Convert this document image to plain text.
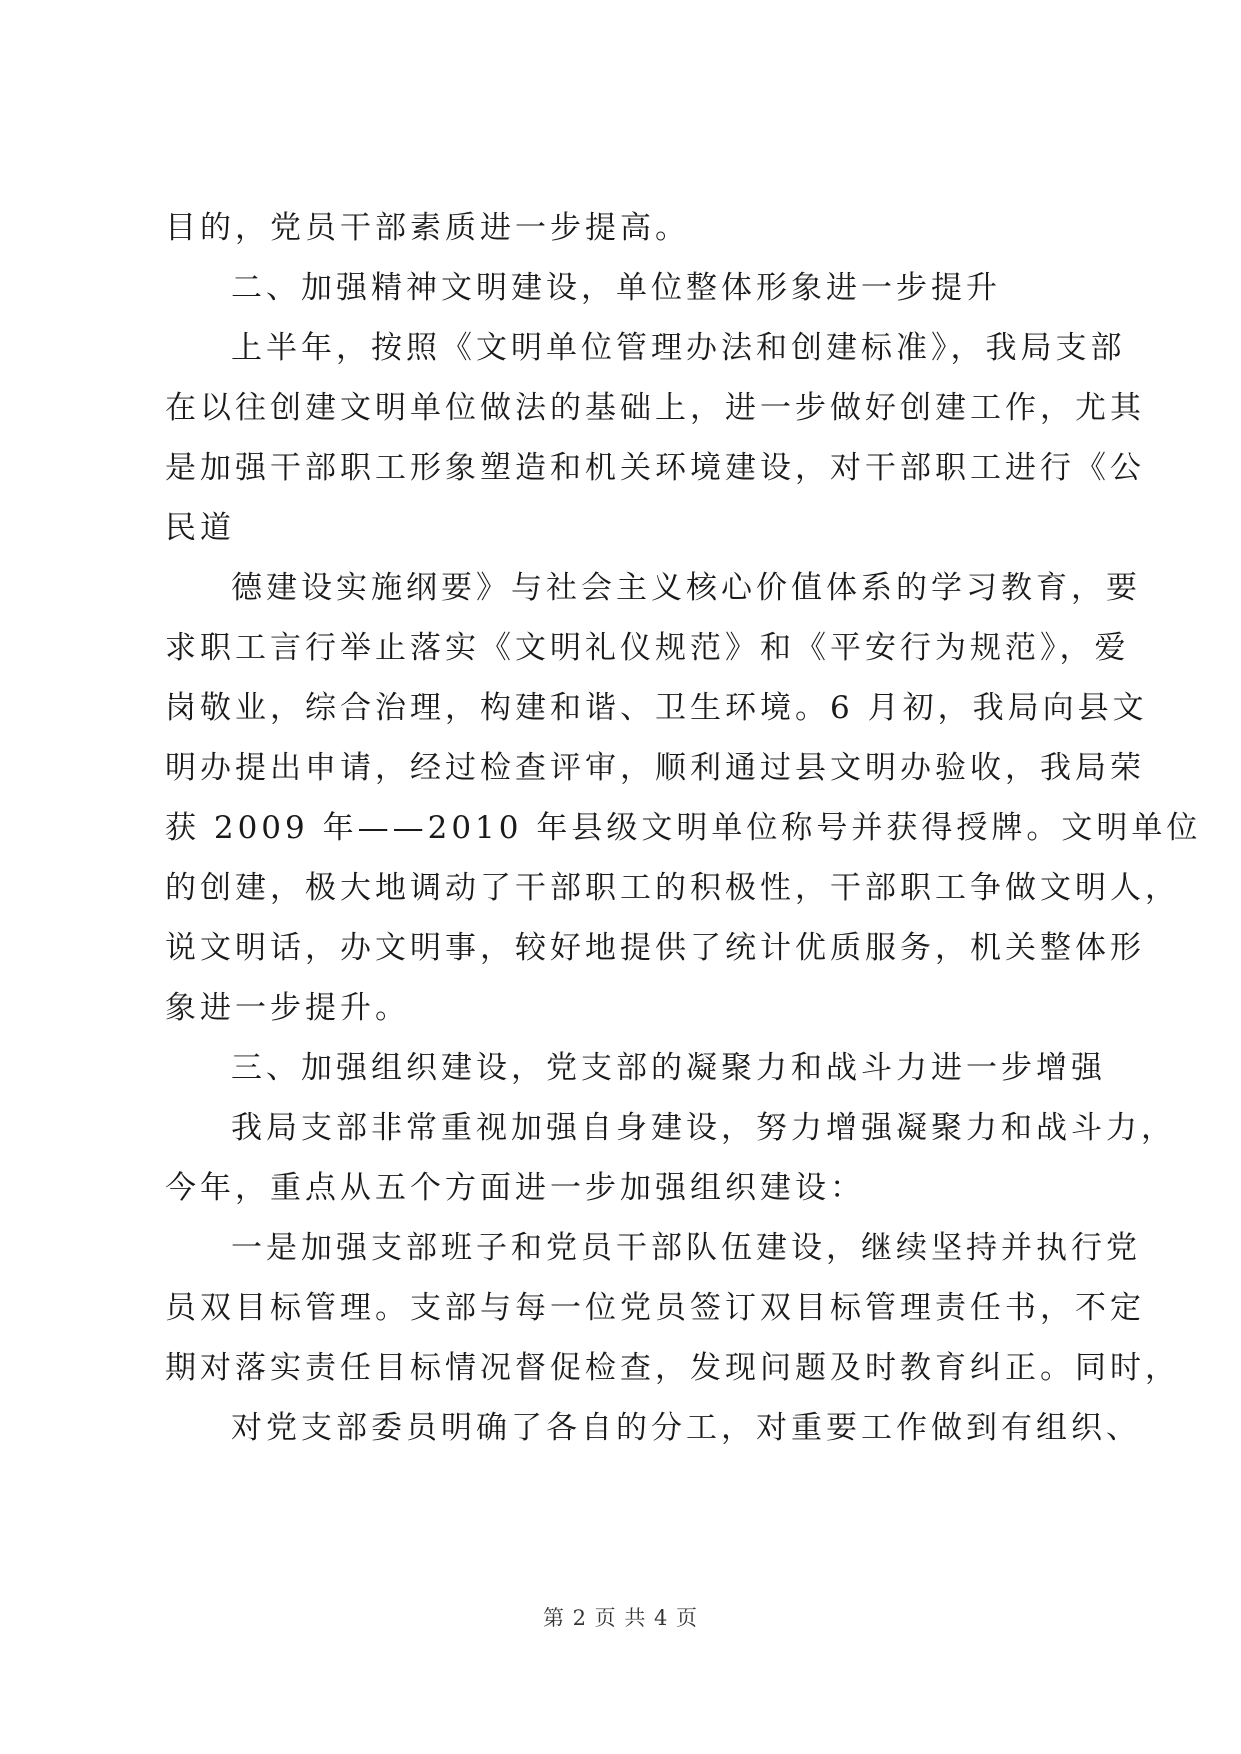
目的，党员干部素质进一步提高。
二、加强精神文明建设，单位整体形象进一步提升
上半年，按照《文明单位管理办法和创建标准》，我局支部
在以往创建文明单位做法的基础上，进一步做好创建工作，尤其
是加强干部职工形象塑造和机关环境建设，对干部职工进行《公
民道
德建设实施纲要》与社会主义核心价值体系的学习教育，要
求职工言行举止落实《文明礼仪规范》和《平安行为规范》，爱
岗敬业，综合治理，构建和谐、卫生环境。6 月初，我局向县文
明办提出申请，经过检查评审，顺利通过县文明办验收，我局荣
获 2009 年——2010 年县级文明单位称号并获得授牌。文明单位
的创建，极大地调动了干部职工的积极性，干部职工争做文明人，
说文明话，办文明事，较好地提供了统计优质服务，机关整体形
象进一步提升。
三、加强组织建设，党支部的凝聚力和战斗力进一步增强
我局支部非常重视加强自身建设，努力增强凝聚力和战斗力，
今年，重点从五个方面进一步加强组织建设：
一是加强支部班子和党员干部队伍建设，继续坚持并执行党
员双目标管理。支部与每一位党员签订双目标管理责任书，不定
期对落实责任目标情况督促检查，发现问题及时教育纠正。同时，
对党支部委员明确了各自的分工，对重要工作做到有组织、
第 2 页 共 4 页
